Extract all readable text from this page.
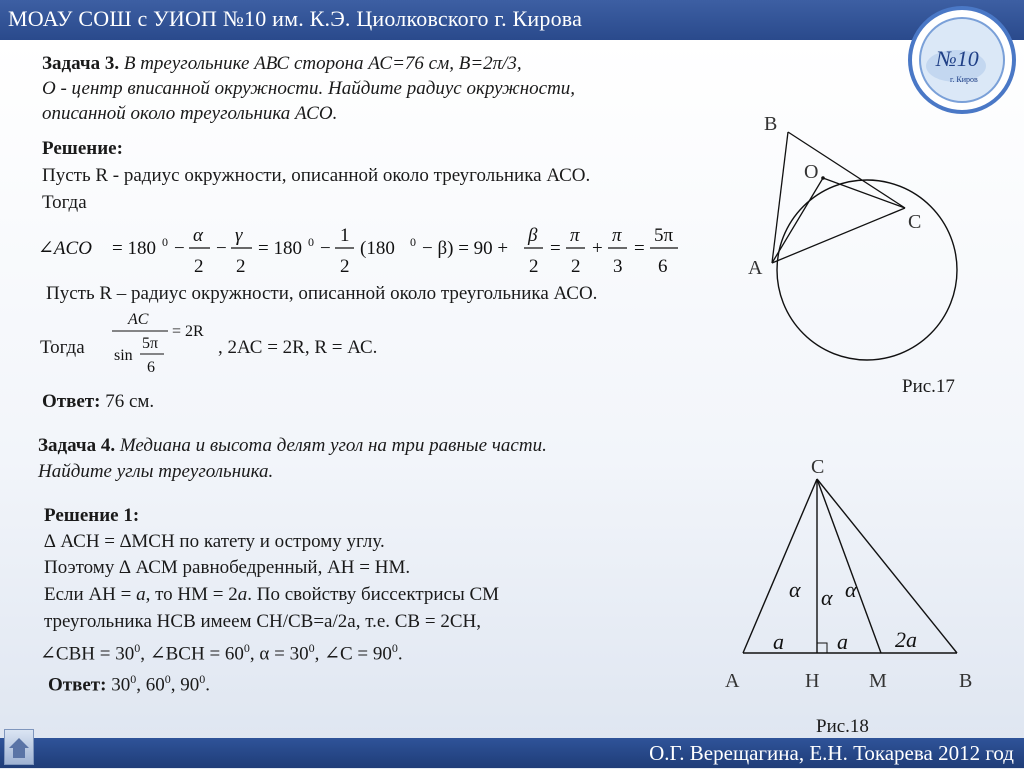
МОАУ СОШ с УИОП №10 им. К.Э. Циолковского г. Кирова
Задача 3. В треугольнике АВС сторона АС=76 см, В=2π/3,
О - центр вписанной окружности. Найдите радиус окружности,
описанной около треугольника АСО.
Решение:
Пусть R - радиус окружности, описанной около треугольника АСО.
Тогда
∠ACO = 180 0 −
α
2
−
γ
2
= 180 0 −
1
2
(180 0 − β) = 90 +
β
2
=
π
2
+
π
3
=
5π
6
Пусть R – радиус окружности, описанной около треугольника АСО.
Тогда
AC
= 2R
sin
5π
6
, 2АС = 2R, R = АС.
Ответ: 76 см.
В
О
С
А
Рис.17
Задача 4. Медиана и высота делят угол на три равные части.
Найдите углы треугольника.
Решение 1:
∆ АСН = ∆МСН по катету и острому углу.
Поэтому ∆ АСМ равнобедренный, АН = НМ.
Если АН = а, то НМ = 2а. По свойству биссектрисы СМ
треугольника НСВ имеем СН/СВ=а/2а, т.е. СВ = 2СН,
∠СВН = $30^0$, ∠ВСН = $60^0$, $\alpha = 30^0$, ∠С = $90^0$.
Ответ: $30^0$, $60^0$, $90^0$.
α α α
a a 2a
С
А	Н М	В
Рис.18
№10
г. Киров
О.Г. Верещагина, Е.Н. Токарева 2012 год
